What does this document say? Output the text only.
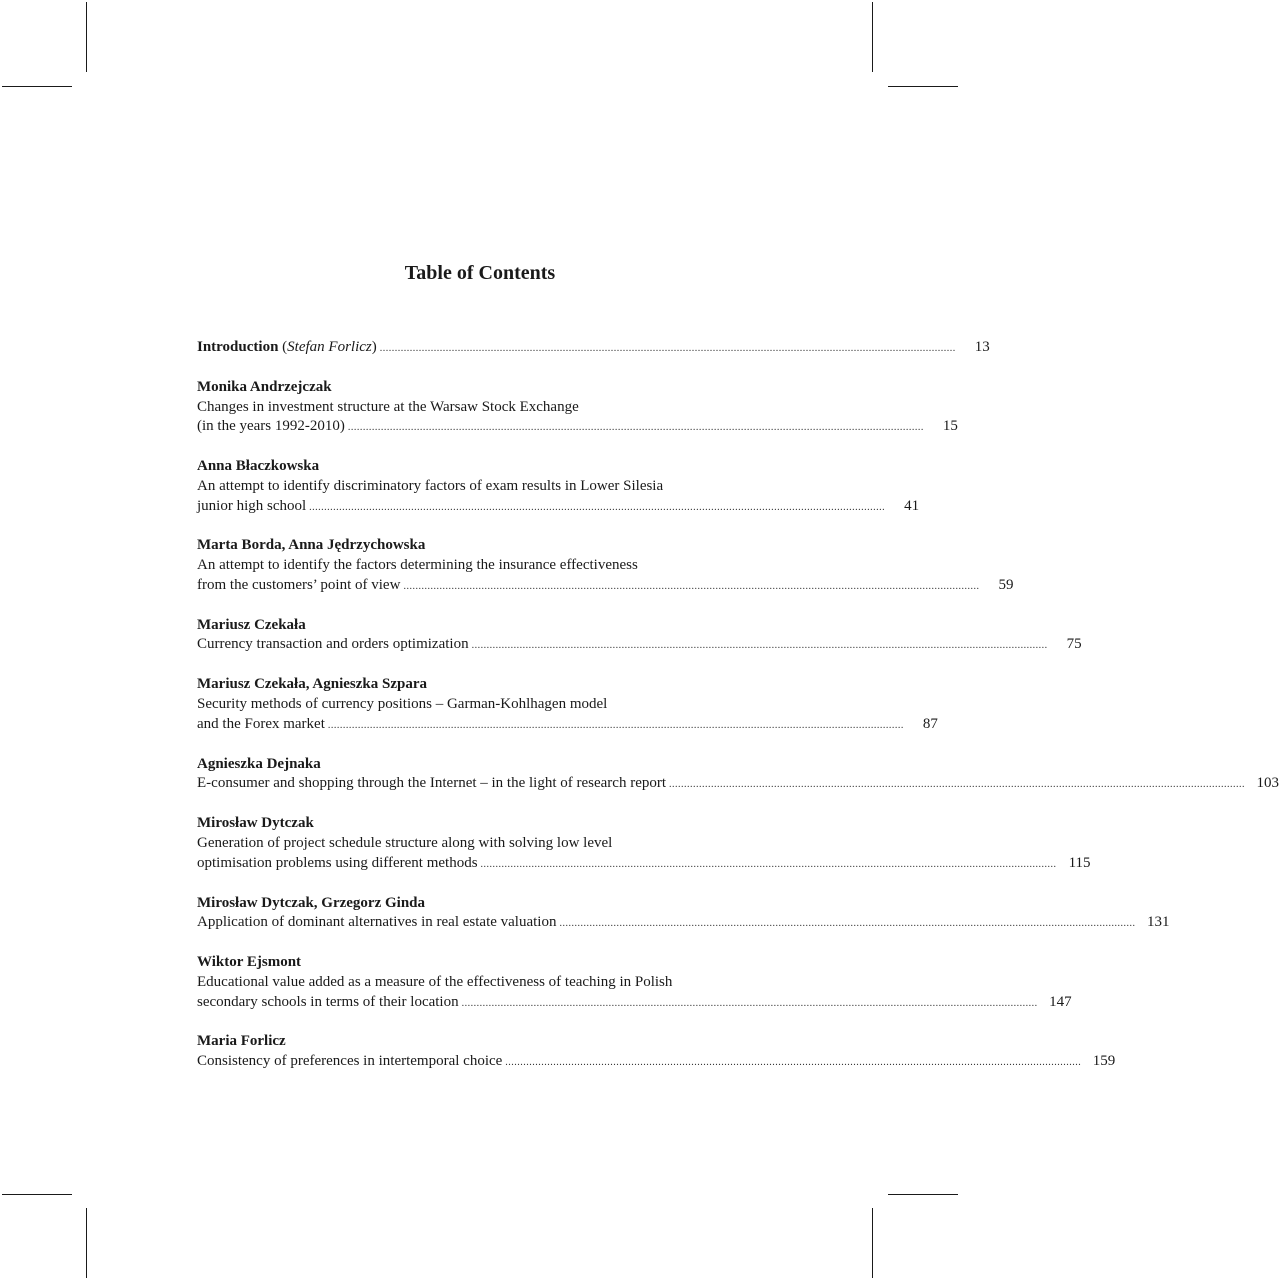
Table of Contents
Introduction (Stefan Forlicz) ................................................................................................................................................................................................	13
Monika Andrzejczak
Changes in investment structure at the Warsaw Stock Exchange
(in the years 1992-2010) ................................................................................................................................................................................................	15
Anna Błaczkowska
An attempt to identify discriminatory factors of exam results in Lower Silesia
junior high school ................................................................................................................................................................................................	41
Marta Borda, Anna Jędrzychowska
An attempt to identify the factors determining the insurance effectiveness
from the customers’ point of view ................................................................................................................................................................................................	59
Mariusz Czekała
Currency transaction and orders optimization ................................................................................................................................................................................................	75
Mariusz Czekała, Agnieszka Szpara
Security methods of currency positions – Garman-Kohlhagen model
and the Forex market ................................................................................................................................................................................................	87
Agnieszka Dejnaka
E-consumer and shopping through the Internet – in the light of research report ................................................................................................................................................................................................ 103
Mirosław Dytczak
Generation of project schedule structure along with solving low level
optimisation problems using different methods ................................................................................................................................................................................................ 115
Mirosław Dytczak, Grzegorz Ginda
Application of dominant alternatives in real estate valuation ................................................................................................................................................................................................ 131
Wiktor Ejsmont
Educational value added as a measure of the effectiveness of teaching in Polish
secondary schools in terms of their location ................................................................................................................................................................................................ 147
Maria Forlicz
Consistency of preferences in intertemporal choice ................................................................................................................................................................................................ 159
